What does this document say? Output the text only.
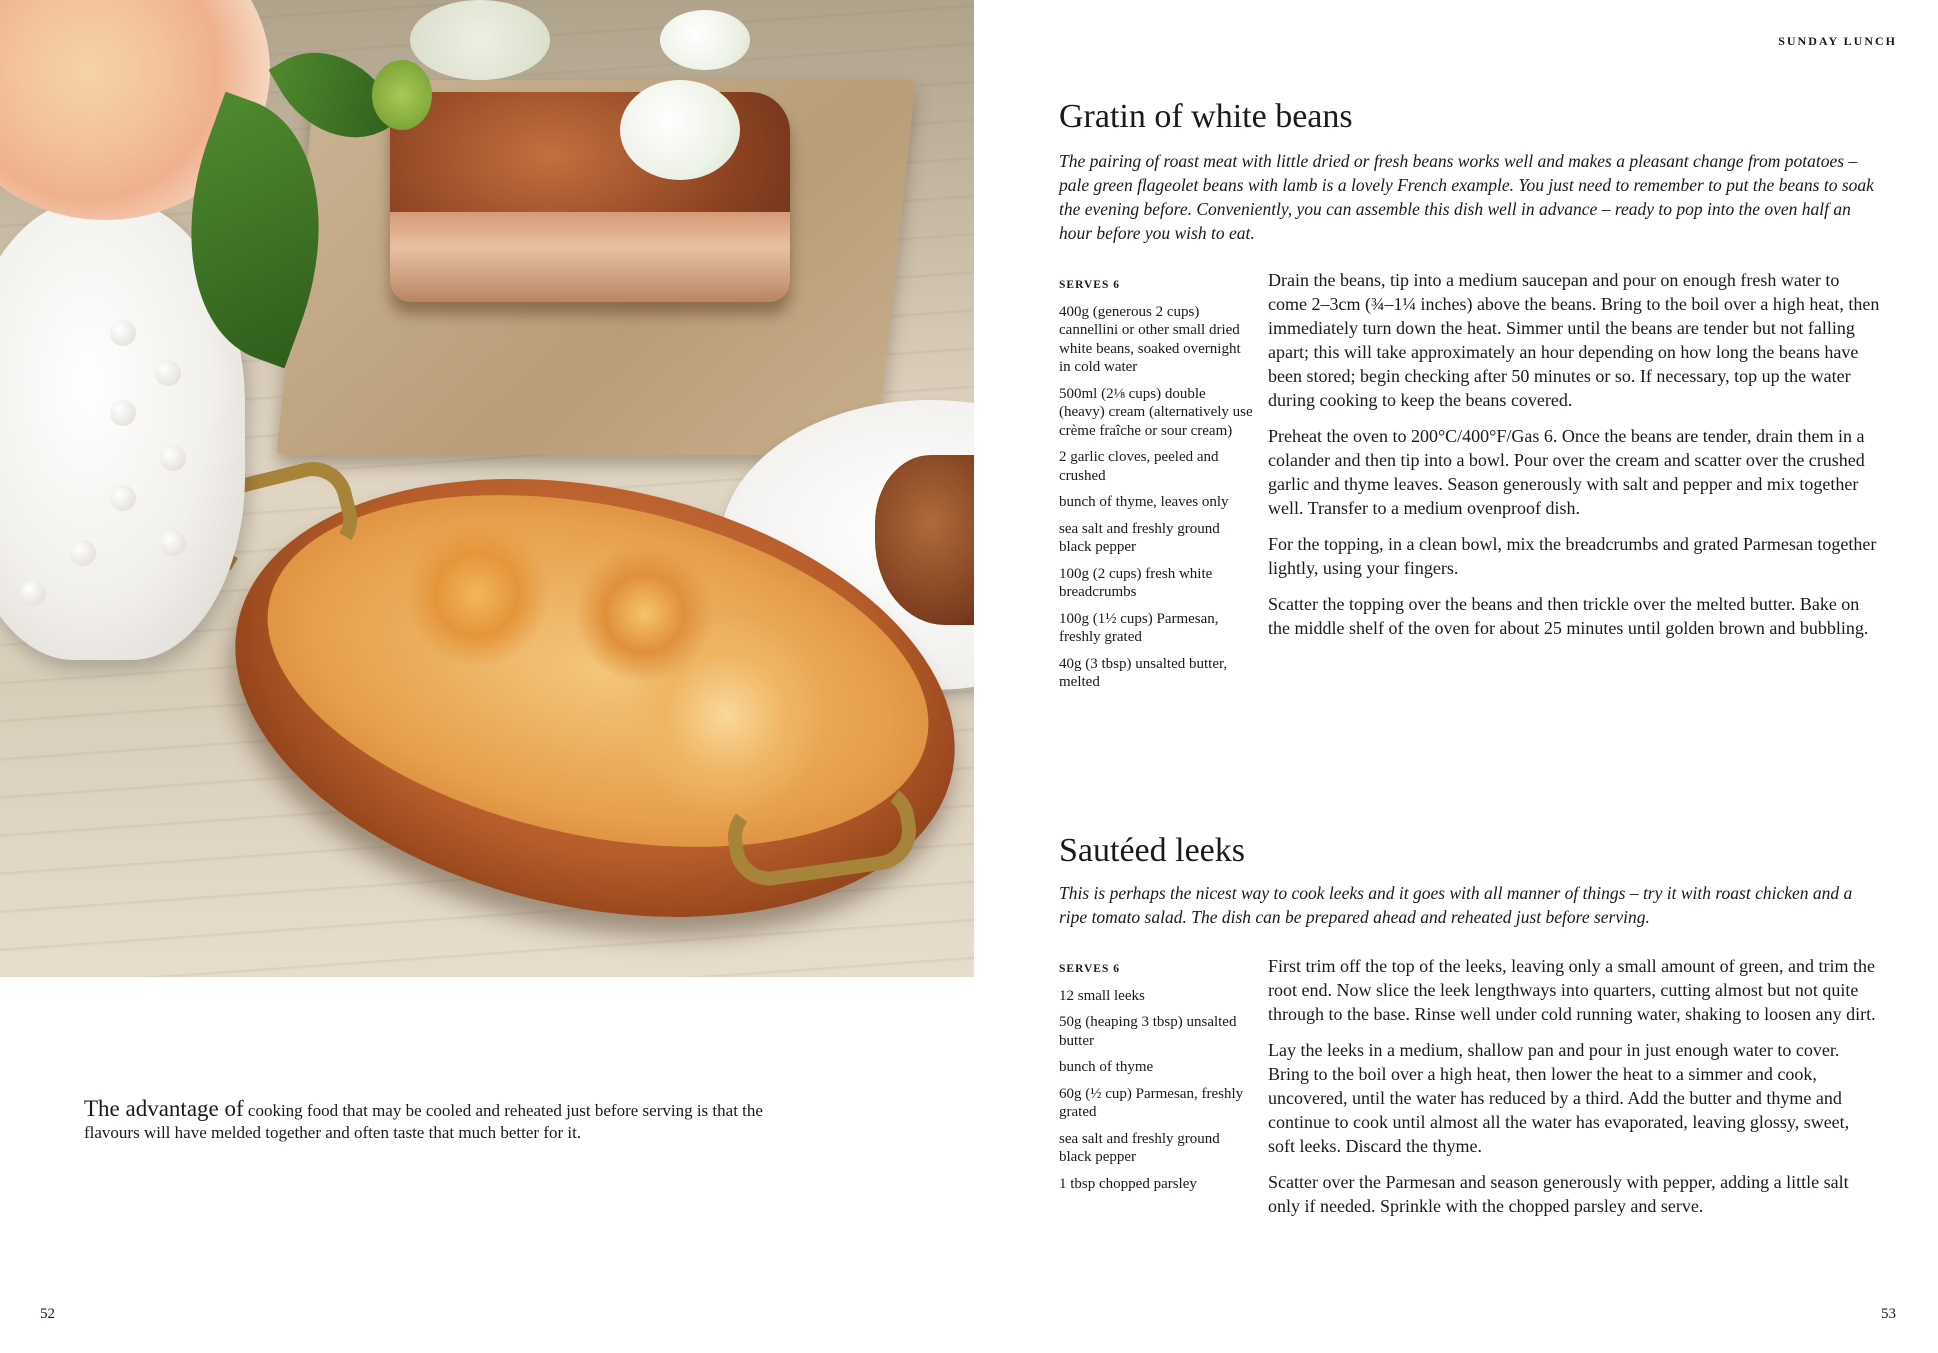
The advantage of cooking food that may be cooled and reheated just before serving is that the flavours will have melded together and often taste that much better for it.
52
SUNDAY LUNCH
Gratin of white beans

The pairing of roast meat with little dried or fresh beans works well and makes a pleasant change from potatoes – pale green flageolet beans with lamb is a lovely French example. You just need to remember to put the beans to soak the evening before. Conveniently, you can assemble this dish well in advance – ready to pop into the oven half an hour before you wish to eat.

SERVES 6
400g (generous 2 cups) cannellini or other small dried white beans, soaked overnight in cold water
500ml (2⅛ cups) double (heavy) cream (alternatively use crème fraîche or sour cream)
2 garlic cloves, peeled and crushed
bunch of thyme, leaves only
sea salt and freshly ground black pepper
100g (2 cups) fresh white breadcrumbs
100g (1½ cups) Parmesan, freshly grated
40g (3 tbsp) unsalted butter, melted

Drain the beans, tip into a medium saucepan and pour on enough fresh water to come 2–3cm (¾–1¼ inches) above the beans. Bring to the boil over a high heat, then immediately turn down the heat. Simmer until the beans are tender but not falling apart; this will take approximately an hour depending on how long the beans have been stored; begin checking after 50 minutes or so. If necessary, top up the water during cooking to keep the beans covered.

Preheat the oven to 200°C/400°F/Gas 6. Once the beans are tender, drain them in a colander and then tip into a bowl. Pour over the cream and scatter over the crushed garlic and thyme leaves. Season generously with salt and pepper and mix together well. Transfer to a medium ovenproof dish.

For the topping, in a clean bowl, mix the breadcrumbs and grated Parmesan together lightly, using your fingers.

Scatter the topping over the beans and then trickle over the melted butter. Bake on the middle shelf of the oven for about 25 minutes until golden brown and bubbling.

Sautéed leeks

This is perhaps the nicest way to cook leeks and it goes with all manner of things – try it with roast chicken and a ripe tomato salad. The dish can be prepared ahead and reheated just before serving.

SERVES 6
12 small leeks
50g (heaping 3 tbsp) unsalted butter
bunch of thyme
60g (½ cup) Parmesan, freshly grated
sea salt and freshly ground black pepper
1 tbsp chopped parsley

First trim off the top of the leeks, leaving only a small amount of green, and trim the root end. Now slice the leek lengthways into quarters, cutting almost but not quite through to the base. Rinse well under cold running water, shaking to loosen any dirt.

Lay the leeks in a medium, shallow pan and pour in just enough water to cover. Bring to the boil over a high heat, then lower the heat to a simmer and cook, uncovered, until the water has reduced by a third. Add the butter and thyme and continue to cook until almost all the water has evaporated, leaving glossy, sweet, soft leeks. Discard the thyme.

Scatter over the Parmesan and season generously with pepper, adding a little salt only if needed. Sprinkle with the chopped parsley and serve.

53
